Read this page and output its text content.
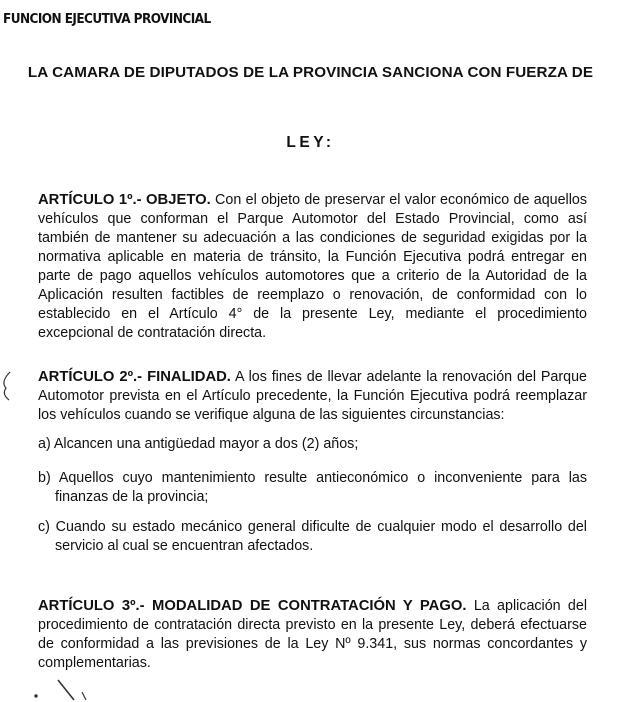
FUNCION EJECUTIVA PROVINCIAL
LA CAMARA DE DIPUTADOS DE LA PROVINCIA SANCIONA CON FUERZA DE
LEY:
ARTÍCULO 1º.- OBJETO. Con el objeto de preservar el valor económico de aquellos vehículos que conforman el Parque Automotor del Estado Provincial, como así también de mantener su adecuación a las condiciones de seguridad exigidas por la normativa aplicable en materia de tránsito, la Función Ejecutiva podrá entregar en parte de pago aquellos vehículos automotores que a criterio de la Autoridad de la Aplicación resulten factibles de reemplazo o renovación, de conformidad con lo establecido en el Artículo 4° de la presente Ley, mediante el procedimiento excepcional de contratación directa.
ARTÍCULO 2º.- FINALIDAD. A los fines de llevar adelante la renovación del Parque Automotor prevista en el Artículo precedente, la Función Ejecutiva podrá reemplazar los vehículos cuando se verifique alguna de las siguientes circunstancias:
a) Alcancen una antigüedad mayor a dos (2) años;
b) Aquellos cuyo mantenimiento resulte antieconómico o inconveniente para las finanzas de la provincia;
c) Cuando su estado mecánico general dificulte de cualquier modo el desarrollo del servicio al cual se encuentran afectados.
ARTÍCULO 3º.- MODALIDAD DE CONTRATACIÓN Y PAGO. La aplicación del procedimiento de contratación directa previsto en la presente Ley, deberá efectuarse de conformidad a las previsiones de la Ley Nº 9.341, sus normas concordantes y complementarias.
